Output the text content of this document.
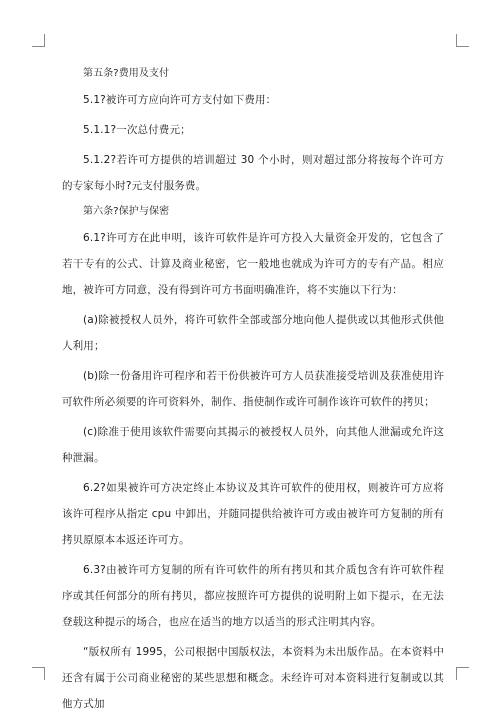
第五条?费用及支付

5.1?被许可方应向许可方支付如下费用：

5.1.1?一次总付费元；

5.1.2?若许可方提供的培训超过 30 个小时，则对超过部分将按每个许可方的专家每小时?元支付服务费。

第六条?保护与保密

6.1?许可方在此申明，该许可软件是许可方投入大量资金开发的，它包含了若干专有的公式、计算及商业秘密，它一般地也就成为许可方的专有产品。相应地，被许可方同意，没有得到许可方书面明确准许，将不实施以下行为：

(a)除被授权人员外，将许可软件全部或部分地向他人提供或以其他形式供他人利用；

(b)除一份备用许可程序和若干份供被许可方人员获准接受培训及获准使用许可软件所必须要的许可资料外，制作、指使制作或许可制作该许可软件的拷贝；

(c)除准于使用该软件需要向其揭示的被授权人员外，向其他人泄漏或允许这种泄漏。

6.2?如果被许可方决定终止本协议及其许可软件的使用权，则被许可方应将该许可程序从指定 cpu 中卸出，并随同提供给被许可方或由被许可方复制的所有拷贝原原本本返还许可方。

6.3?由被许可方复制的所有许可软件的所有拷贝和其介质包含有许可软件程序或其任何部分的所有拷贝，都应按照许可方提供的说明附上如下提示，在无法登载这种提示的场合，也应在适当的地方以适当的形式注明其内容。

“版权所有 1995，公司根据中国版权法，本资料为未出版作品。在本资料中还含有属于公司商业秘密的某些思想和概念。未经许可对本资料进行复制或以其他方式加
